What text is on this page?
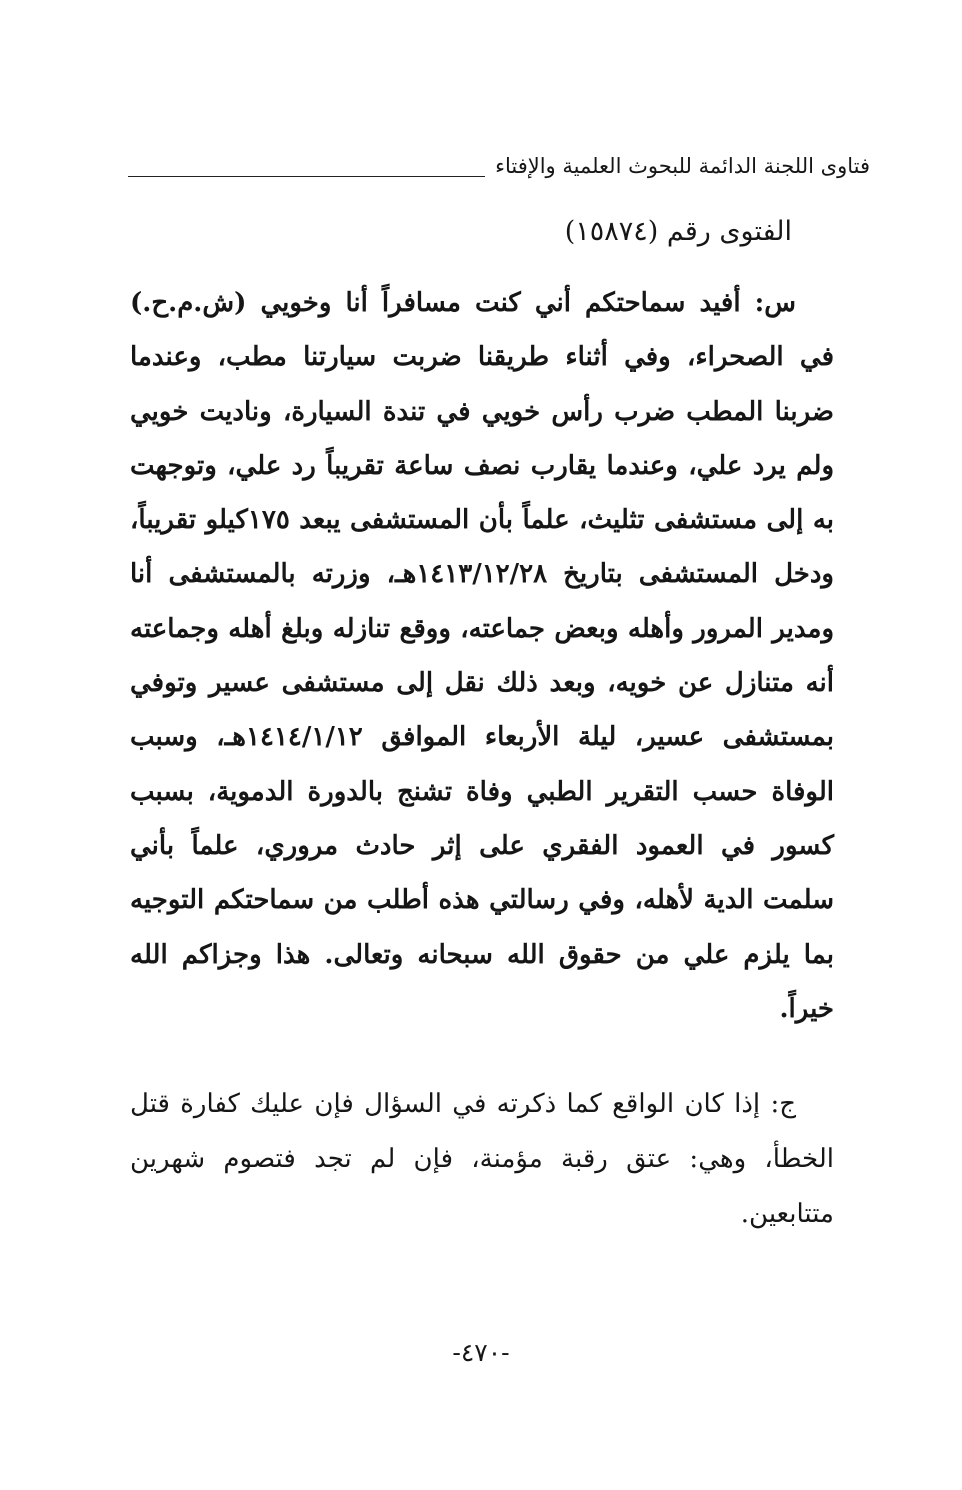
فتاوى اللجنة الدائمة للبحوث العلمية والإفتاء
الفتوى رقم (١٥٨٧٤)
س: أفيد سماحتكم أني كنت مسافراً أنا وخويي (ش.م.ح.) في الصحراء، وفي أثناء طريقنا ضربت سيارتنا مطب، وعندما ضربنا المطب ضرب رأس خويي في تندة السيارة، وناديت خويي ولم يرد علي، وعندما يقارب نصف ساعة تقريباً رد علي، وتوجهت به إلى مستشفى تثليث، علماً بأن المستشفى يبعد ١٧٥كيلو تقريباً، ودخل المستشفى بتاريخ ١٤١٣/١٢/٢٨هـ، وزرته بالمستشفى أنا ومدير المرور وأهله وبعض جماعته، ووقع تنازله وبلغ أهله وجماعته أنه متنازل عن خويه، وبعد ذلك نقل إلى مستشفى عسير وتوفي بمستشفى عسير، ليلة الأربعاء الموافق ١٤١٤/١/١٢هـ، وسبب الوفاة حسب التقرير الطبي وفاة تشنج بالدورة الدموية، بسبب كسور في العمود الفقري على إثر حادث مروري، علماً بأني سلمت الدية لأهله، وفي رسالتي هذه أطلب من سماحتكم التوجيه بما يلزم علي من حقوق الله سبحانه وتعالى. هذا وجزاكم الله خيراً.
ج: إذا كان الواقع كما ذكرته في السؤال فإن عليك كفارة قتل الخطأ، وهي: عتق رقبة مؤمنة، فإن لم تجد فتصوم شهرين متتابعين.
-٤٧٠-
